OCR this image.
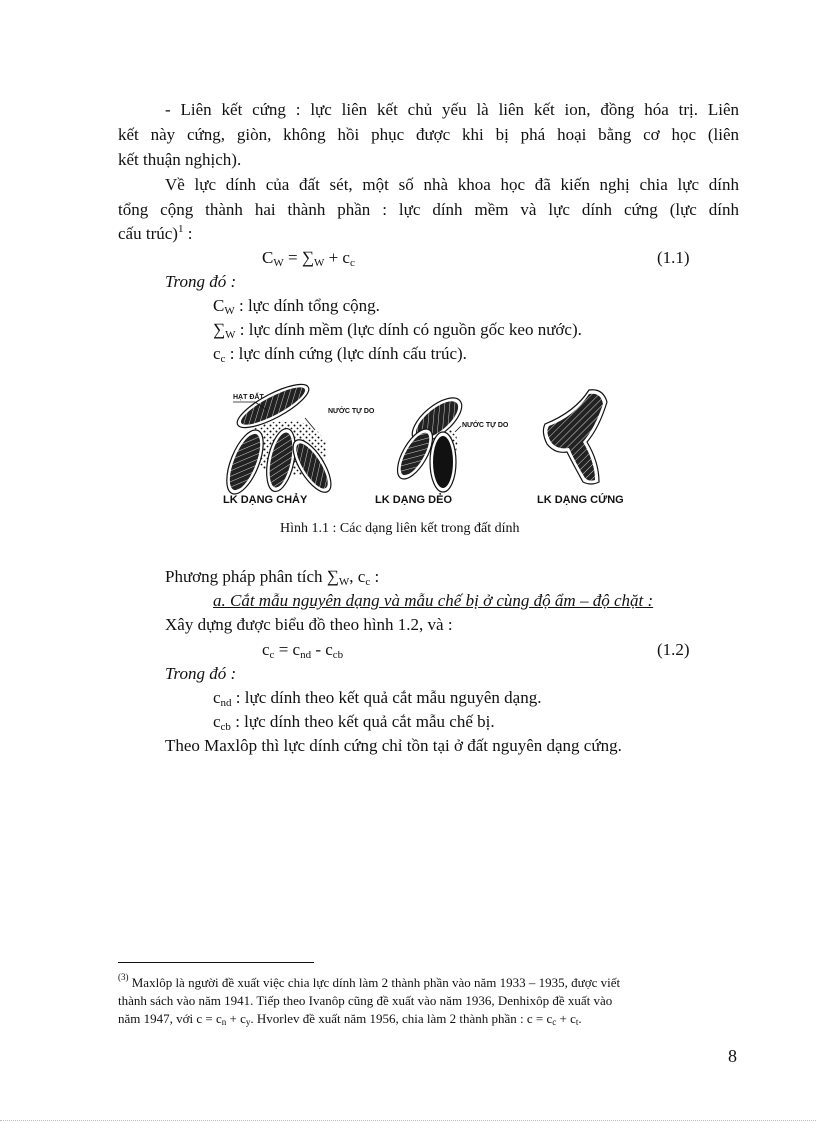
- Liên kết cứng : lực liên kết chủ yếu là liên kết ion, đồng hóa trị. Liên
kết này cứng, giòn, không hồi phục được khi bị phá hoại bằng cơ học (liên
kết thuận nghịch).
Về lực dính của đất sét, một số nhà khoa học đã kiến nghị chia lực dính
tổng cộng thành hai thành phần : lực dính mềm và lực dính cứng (lực dính
cấu trúc)$^1$ :
$C_W = \sum_W + c_c$	(1.1)
Trong đó :
$C_W$ : lực dính tổng cộng.
$\sum_W$ : lực dính mềm (lực dính có nguồn gốc keo nước).
$c_c$ : lực dính cứng (lực dính cấu trúc).
HẠT ĐẤT
NƯỚC TỰ DO
LK DẠNG CHẢY
NƯỚC TỰ DO
LK DẠNG DẺO	LK DẠNG CỨNG
Hình 1.1 : Các dạng liên kết trong đất dính
Phương pháp phân tích $\sum_W$, $c_c$ :
a. Cắt mẫu nguyên dạng và mẫu chế bị ở cùng độ ẩm – độ chặt :
Xây dựng được biểu đồ theo hình 1.2, và :
$c_c = c_{nd} - c_{cb}$	(1.2)
Trong đó :
$c_{nd}$ : lực dính theo kết quả cắt mẫu nguyên dạng.
$c_{cb}$ : lực dính theo kết quả cắt mẫu chế bị.
Theo Maxlôp thì lực dính cứng chỉ tồn tại ở đất nguyên dạng cứng.
$^{(3)}$ Maxlôp là người đề xuất việc chia lực dính làm 2 thành phần vào năm 1933 – 1935, được viết
thành sách vào năm 1941. Tiếp theo Ivanôp cũng đề xuất vào năm 1936, Denhixôp đề xuất vào
năm 1947, với $c = c_n + c_y$. Hvorlev đề xuất năm 1956, chia làm 2 thành phần : $c = c_c + c_t$.
8
